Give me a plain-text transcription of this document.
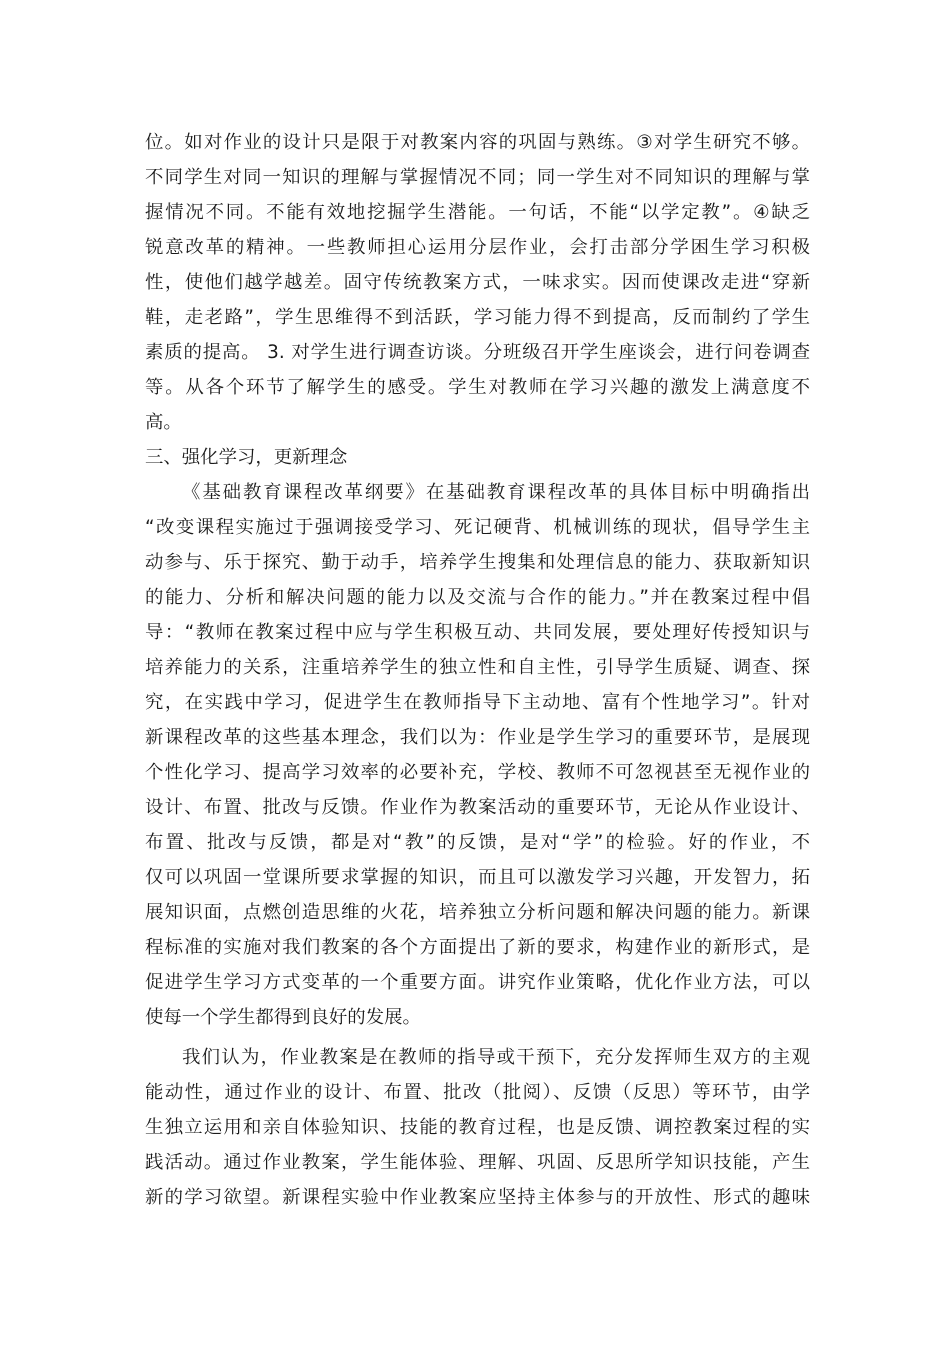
位。如对作业的设计只是限于对教案内容的巩固与熟练。③对学生研究不够。
不同学生对同一知识的理解与掌握情况不同；同一学生对不同知识的理解与掌
握情况不同。不能有效地挖掘学生潜能。一句话，不能“以学定教”。④缺乏
锐意改革的精神。一些教师担心运用分层作业，会打击部分学困生学习积极
性，使他们越学越差。固守传统教案方式，一味求实。因而使课改走进“穿新
鞋，走老路”，学生思维得不到活跃，学习能力得不到提高，反而制约了学生
素质的提高。 3. 对学生进行调查访谈。分班级召开学生座谈会，进行问卷调查
等。从各个环节了解学生的感受。学生对教师在学习兴趣的激发上满意度不
高。
三、强化学习，更新理念
《基础教育课程改革纲要》在基础教育课程改革的具体目标中明确指出
“改变课程实施过于强调接受学习、死记硬背、机械训练的现状，倡导学生主
动参与、乐于探究、勤于动手，培养学生搜集和处理信息的能力、获取新知识
的能力、分析和解决问题的能力以及交流与合作的能力。”并在教案过程中倡
导：“教师在教案过程中应与学生积极互动、共同发展，要处理好传授知识与
培养能力的关系，注重培养学生的独立性和自主性，引导学生质疑、调查、探
究，在实践中学习，促进学生在教师指导下主动地、富有个性地学习”。针对
新课程改革的这些基本理念，我们以为：作业是学生学习的重要环节，是展现
个性化学习、提高学习效率的必要补充，学校、教师不可忽视甚至无视作业的
设计、布置、批改与反馈。作业作为教案活动的重要环节，无论从作业设计、
布置、批改与反馈，都是对“教”的反馈，是对“学”的检验。好的作业，不
仅可以巩固一堂课所要求掌握的知识，而且可以激发学习兴趣，开发智力，拓
展知识面，点燃创造思维的火花，培养独立分析问题和解决问题的能力。新课
程标准的实施对我们教案的各个方面提出了新的要求，构建作业的新形式，是
促进学生学习方式变革的一个重要方面。讲究作业策略，优化作业方法，可以
使每一个学生都得到良好的发展。
我们认为，作业教案是在教师的指导或干预下，充分发挥师生双方的主观
能动性，通过作业的设计、布置、批改（批阅）、反馈（反思）等环节，由学
生独立运用和亲自体验知识、技能的教育过程，也是反馈、调控教案过程的实
践活动。通过作业教案，学生能体验、理解、巩固、反思所学知识技能，产生
新的学习欲望。新课程实验中作业教案应坚持主体参与的开放性、形式的趣味
